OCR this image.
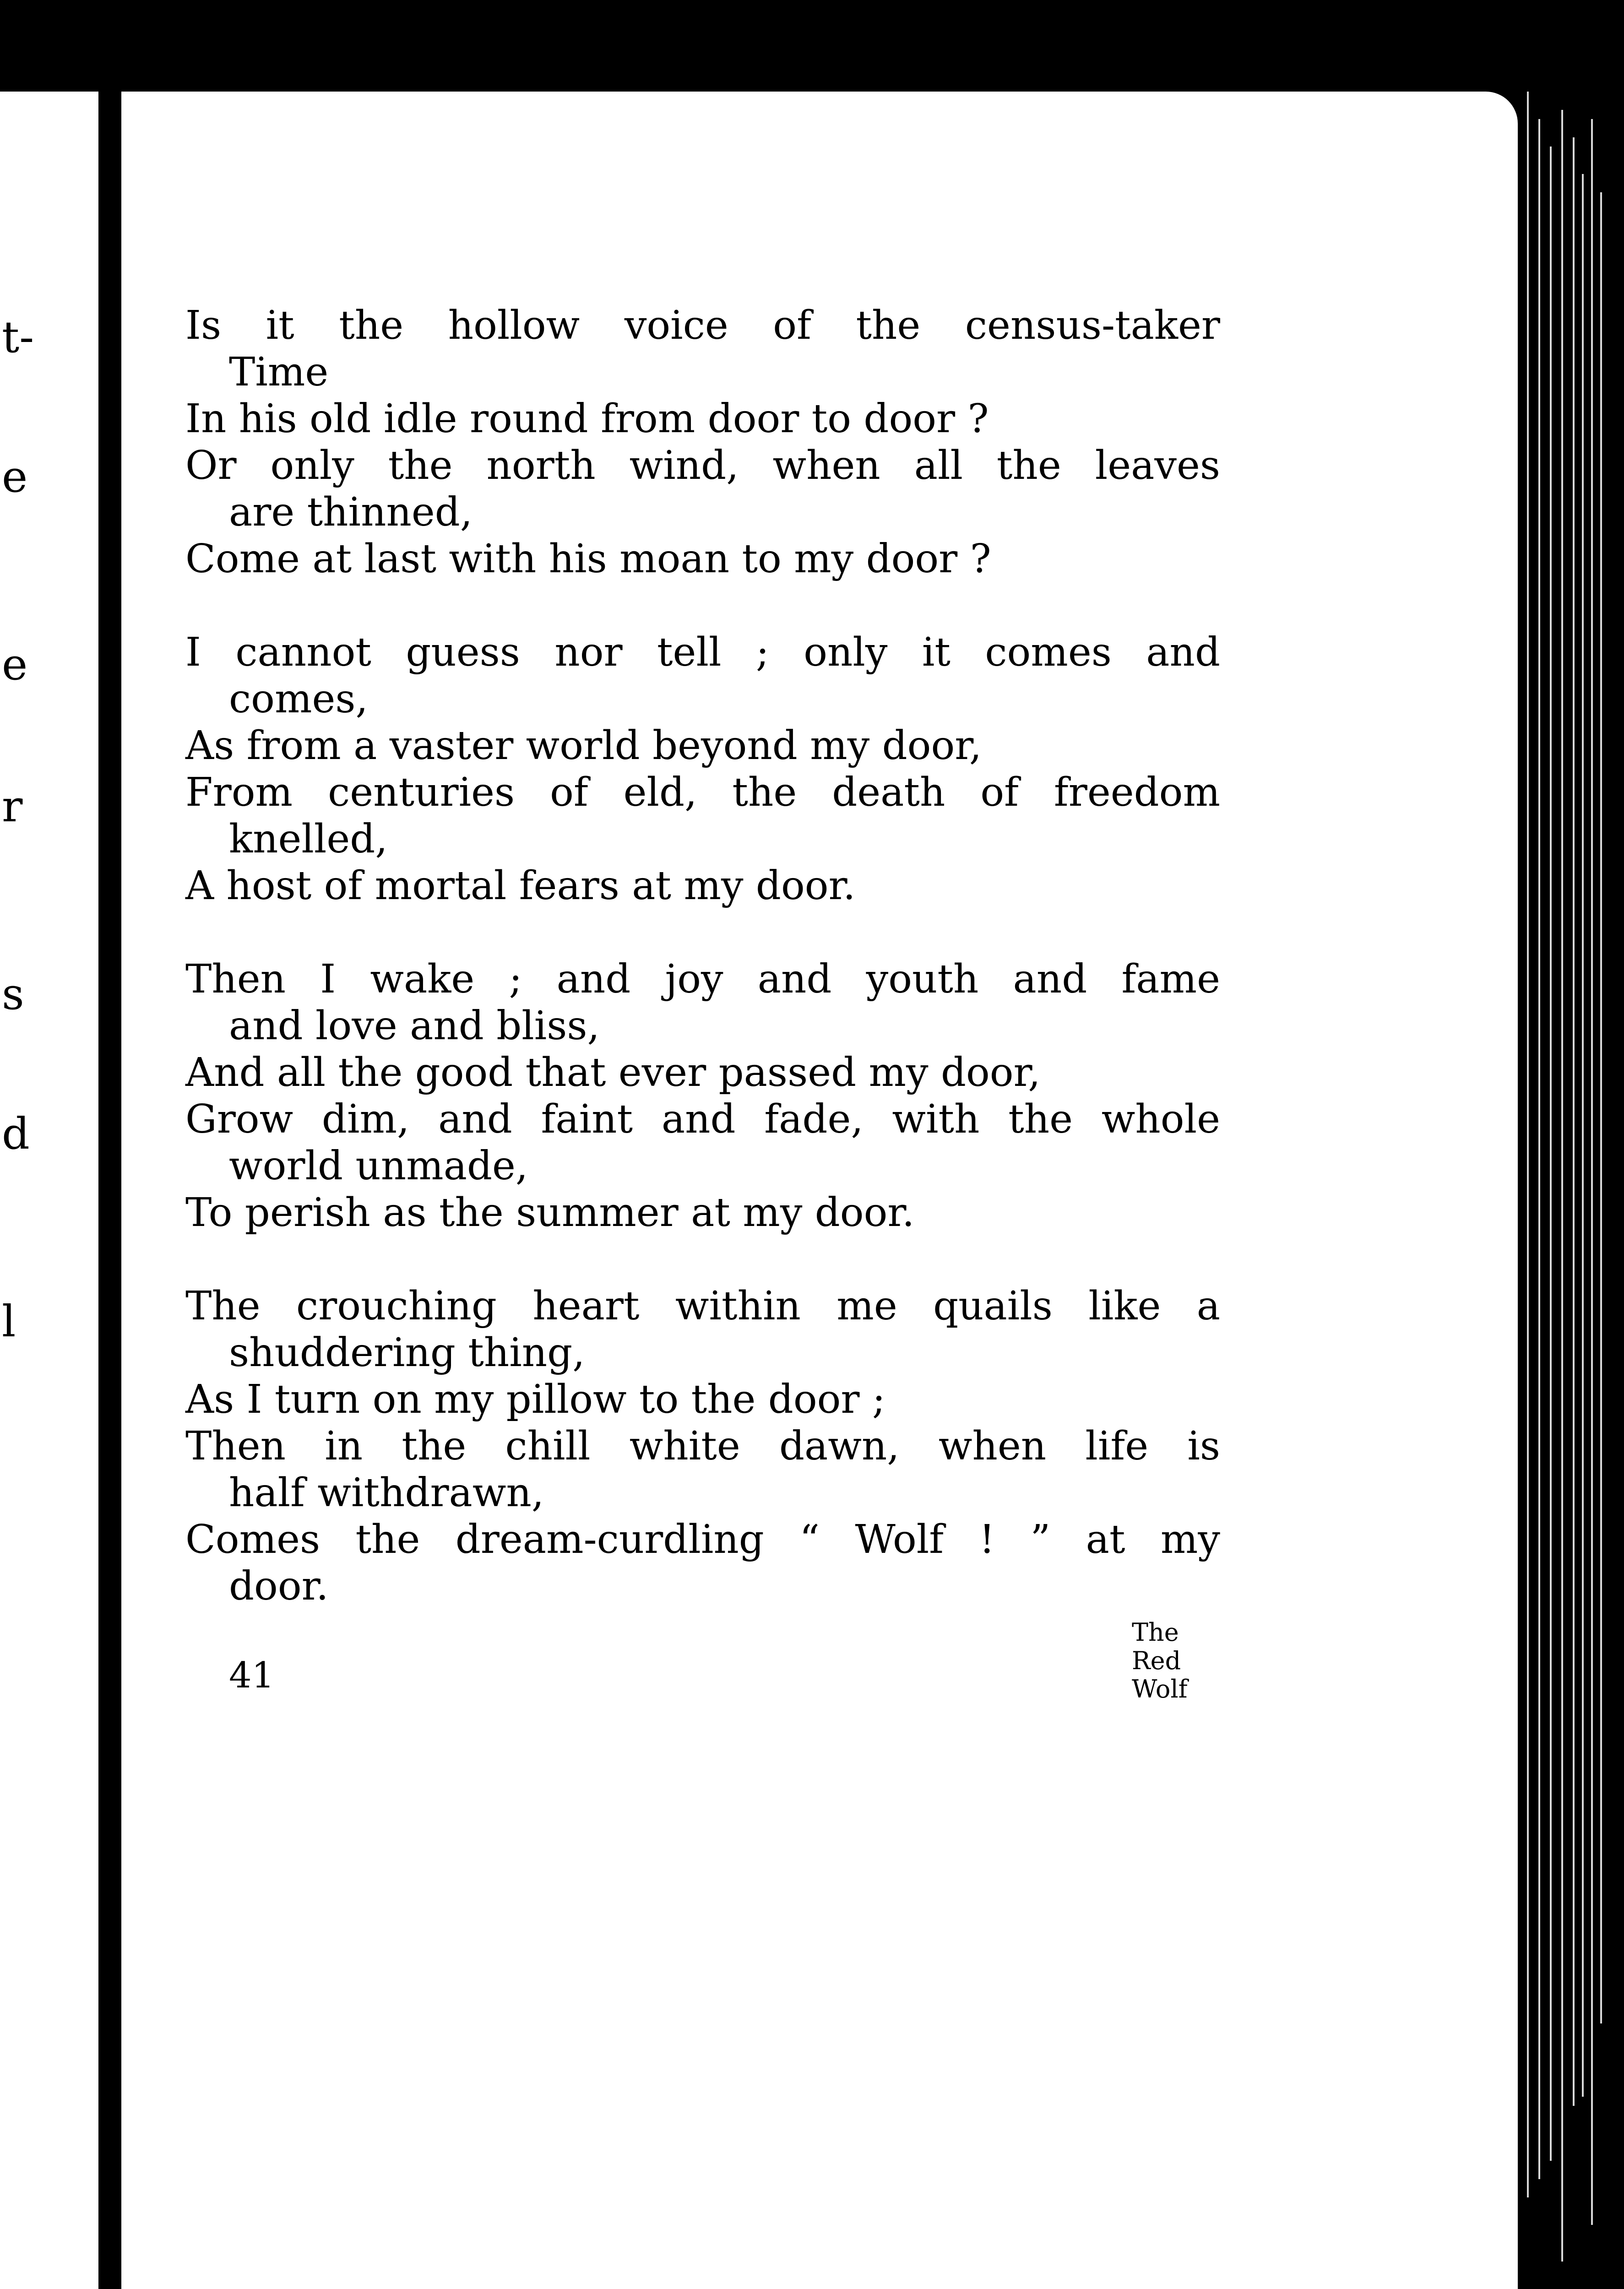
t-
e
e
r
s
d
l
Is it the hollow voice of the census-taker
Time
In his old idle round from door to door ?
Or only the north wind, when all the leaves
are thinned,
Come at last with his moan to my door ?
I cannot guess nor tell ; only it comes and
comes,
As from a vaster world beyond my door,
From centuries of eld, the death of freedom
knelled,
A host of mortal fears at my door.
Then I wake ; and joy and youth and fame
and love and bliss,
And all the good that ever passed my door,
Grow dim, and faint and fade, with the whole
world unmade,
To perish as the summer at my door.
The crouching heart within me quails like a
shuddering thing,
As I turn on my pillow to the door ;
Then in the chill white dawn, when life is
half withdrawn,
Comes the dream-curdling “ Wolf ! ” at my
door.
41
The
Red
Wolf
